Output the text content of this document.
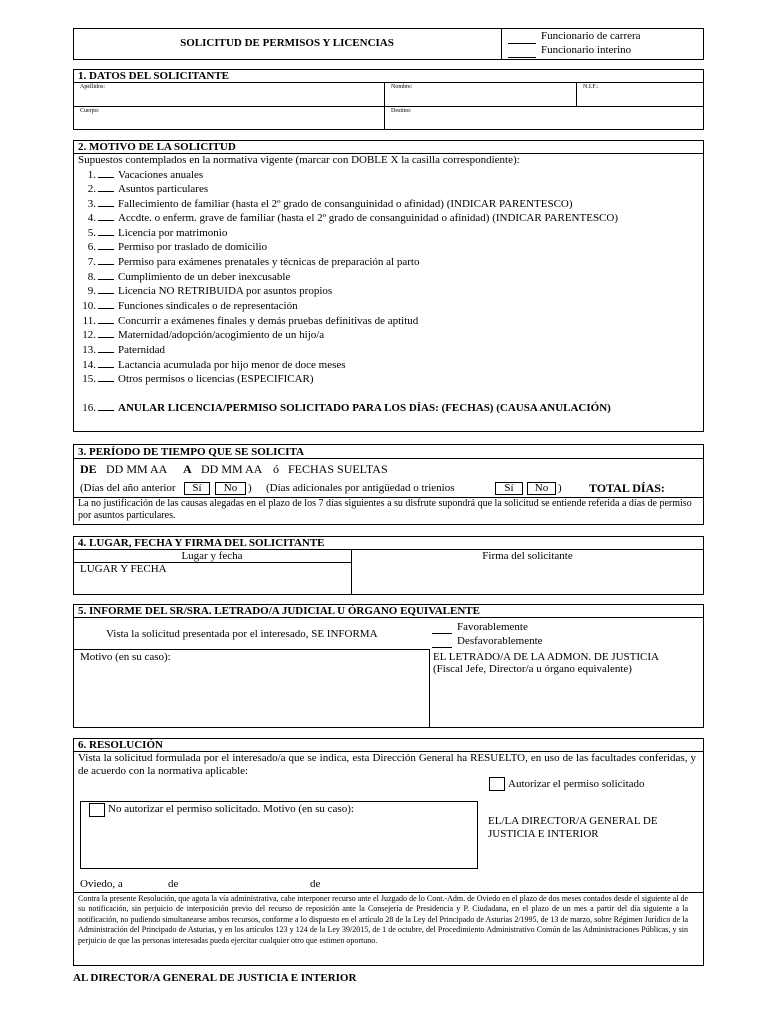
SOLICITUD DE PERMISOS Y LICENCIAS
Funcionario de carrera
Funcionario interino
1. DATOS DEL SOLICITANTE
Apellidos:	Nombre:	N.I.F.:
Cuerpo:	Destino:
2. MOTIVO DE LA SOLICITUD
Supuestos contemplados en la normativa vigente (marcar con DOBLE X la casilla correspondiente):
1. Vacaciones anuales
2. Asuntos particulares
3. Fallecimiento de familiar (hasta el 2º grado de consanguinidad o afinidad) (INDICAR PARENTESCO)
4. Accdte. o enferm. grave de familiar (hasta el 2º grado de consanguinidad o afinidad) (INDICAR PARENTESCO)
5. Licencia por matrimonio
6. Permiso por traslado de domicilio
7. Permiso para exámenes prenatales y técnicas de preparación al parto
8. Cumplimiento de un deber inexcusable
9. Licencia NO RETRIBUIDA por asuntos propios
10. Funciones sindicales o de representación
11. Concurrir a exámenes finales y demás pruebas definitivas de aptitud
12. Maternidad/adopción/acogimiento de un hijo/a
13. Paternidad
14. Lactancia acumulada por hijo menor de doce meses
15. Otros permisos o licencias (ESPECIFICAR)
16. ANULAR LICENCIA/PERMISO SOLICITADO PARA LOS DÍAS: (FECHAS) (CAUSA ANULACIÓN)
3. PERÍODO DE TIEMPO QUE SE SOLICITA
DE DD MM AA A DD MM AA ó FECHAS SUELTAS
(Días del año anterior	Sí	No ) (Días adicionales por antigüedad o trienios	Sí	No ) TOTAL DÍAS:
La no justificación de las causas alegadas en el plazo de los 7 días siguientes a su disfrute supondrá que la solicitud se entiende referida a días de permiso por asuntos particulares.
4. LUGAR, FECHA Y FIRMA DEL SOLICITANTE
Lugar y fecha
LUGAR Y FECHA
Firma del solicitante
5. INFORME DEL SR/SRA. LETRADO/A JUDICIAL U ÓRGANO EQUIVALENTE
Vista la solicitud presentada por el interesado, SE INFORMA
Favorablemente
Desfavorablemente
Motivo (en su caso):	EL LETRADO/A DE LA ADMON. DE JUSTICIA
(Fiscal Jefe, Director/a u órgano equivalente)
6. RESOLUCIÓN
Vista la solicitud formulada por el interesado/a que se indica, esta Dirección General ha RESUELTO, en uso de las facultades conferidas, y de acuerdo con la normativa aplicable:
Autorizar el permiso solicitado
No autorizar el permiso solicitado. Motivo (en su caso):
EL/LA DIRECTOR/A GENERAL DE
JUSTICIA E INTERIOR
Oviedo, a	de	de
Contra la presente Resolución, que agota la vía administrativa, cabe interponer recurso ante el Juzgado de lo Cont.-Adm. de Oviedo en el plazo de dos meses contados desde el siguiente al de su notificación, sin perjuicio de interposición previo del recurso de reposición ante la Consejería de Presidencia y P. Ciudadana, en el plazo de un mes a partir del día siguiente a la notificación, no pudiendo simultanearse ambos recursos, conforme a lo dispuesto en el artículo 28 de la Ley del Principado de Asturias 2/1995, de 13 de marzo, sobre Régimen Jurídico de la Administración del Principado de Asturias, y en los artículos 123 y 124 de la Ley 39/2015, de 1 de octubre, del Procedimiento Administrativo Común de las Administraciones Públicas, y sin perjuicio de que las personas interesadas pueda ejercitar cualquier otro que estimen oportuno.
AL DIRECTOR/A GENERAL DE JUSTICIA E INTERIOR
